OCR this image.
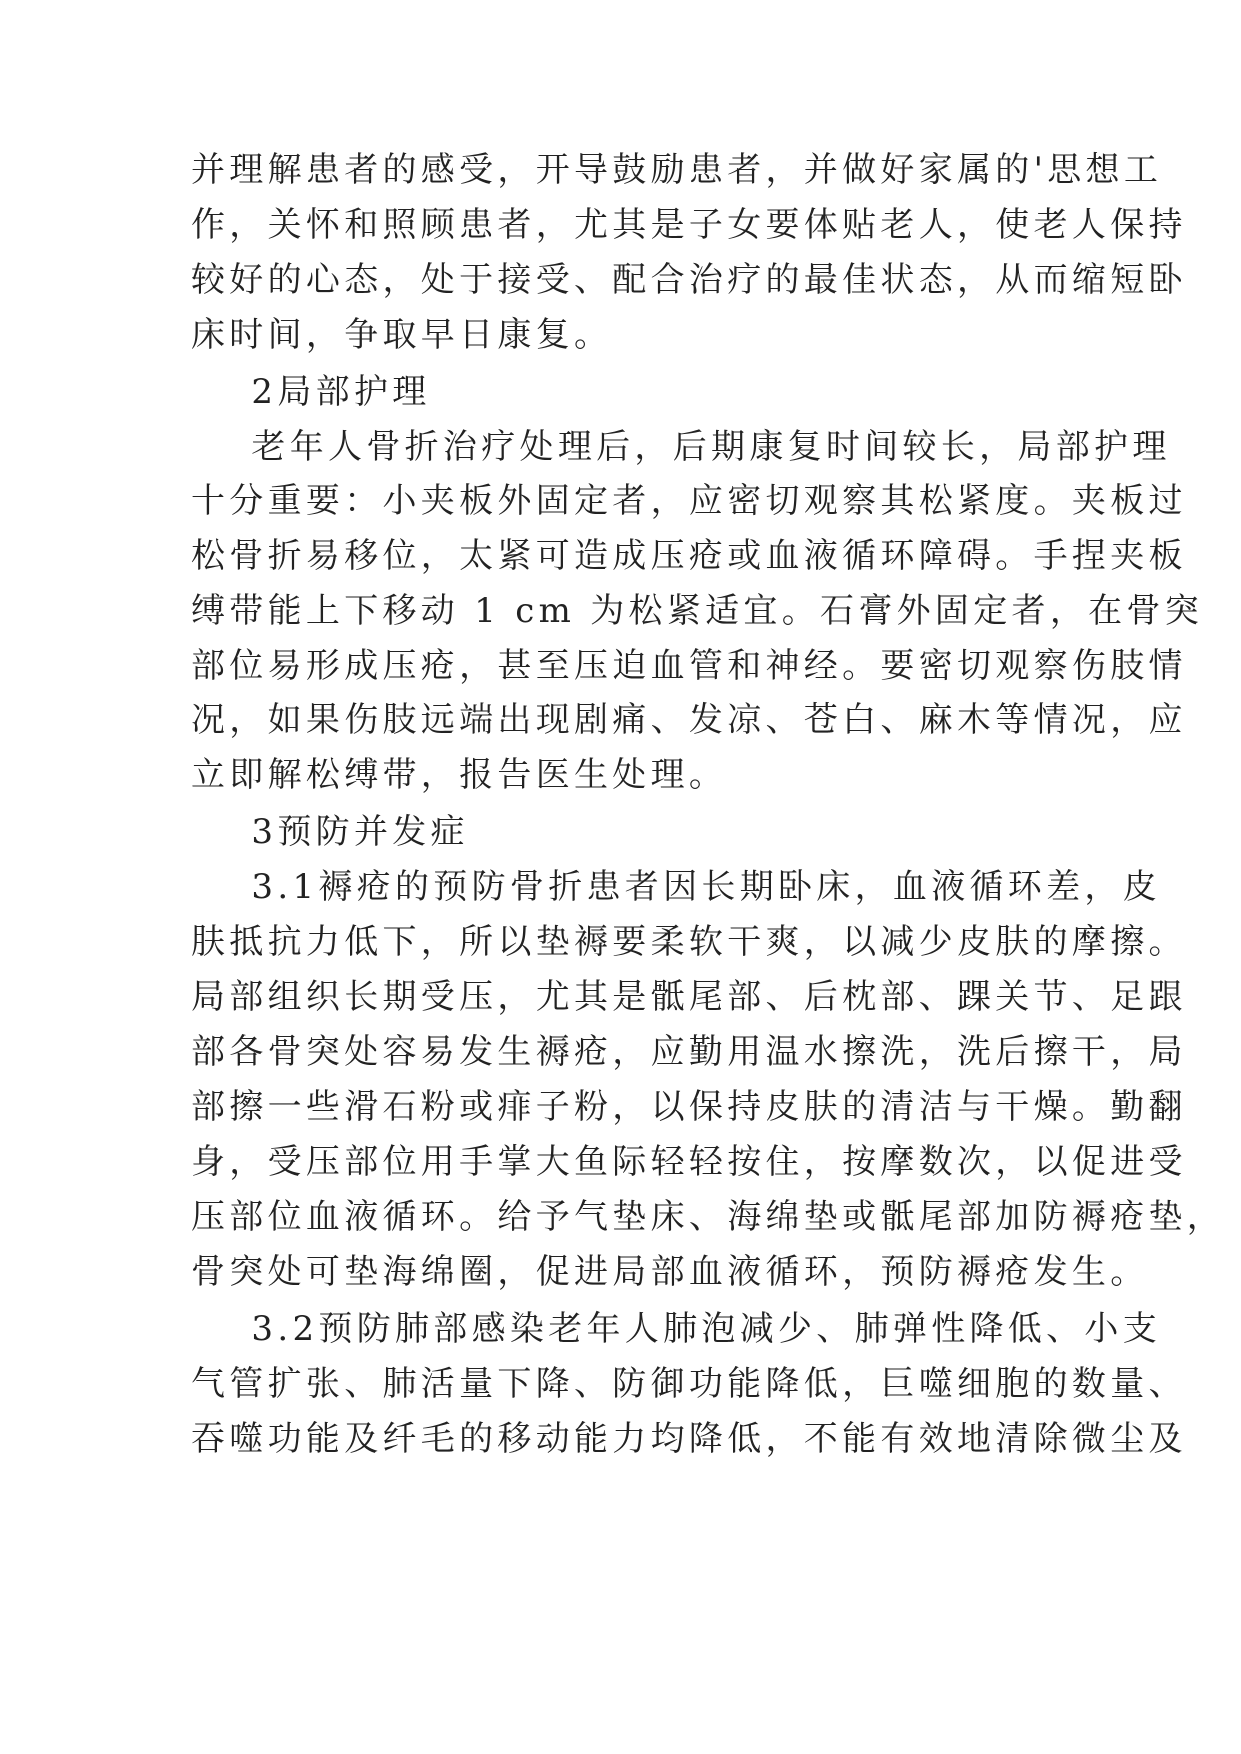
并理解患者的感受，开导鼓励患者，并做好家属的'思想工
作，关怀和照顾患者，尤其是子女要体贴老人，使老人保持
较好的心态，处于接受、配合治疗的最佳状态，从而缩短卧
床时间，争取早日康复。
2局部护理
老年人骨折治疗处理后，后期康复时间较长，局部护理
十分重要：小夹板外固定者，应密切观察其松紧度。夹板过
松骨折易移位，太紧可造成压疮或血液循环障碍。手捏夹板
缚带能上下移动 1 cm 为松紧适宜。石膏外固定者，在骨突
部位易形成压疮，甚至压迫血管和神经。要密切观察伤肢情
况，如果伤肢远端出现剧痛、发凉、苍白、麻木等情况，应
立即解松缚带，报告医生处理。
3预防并发症
3.1褥疮的预防骨折患者因长期卧床，血液循环差，皮
肤抵抗力低下，所以垫褥要柔软干爽，以减少皮肤的摩擦。
局部组织长期受压，尤其是骶尾部、后枕部、踝关节、足跟
部各骨突处容易发生褥疮，应勤用温水擦洗，洗后擦干，局
部擦一些滑石粉或痱子粉，以保持皮肤的清洁与干燥。勤翻
身，受压部位用手掌大鱼际轻轻按住，按摩数次，以促进受
压部位血液循环。给予气垫床、海绵垫或骶尾部加防褥疮垫，
骨突处可垫海绵圈，促进局部血液循环，预防褥疮发生。
3.2预防肺部感染老年人肺泡减少、肺弹性降低、小支
气管扩张、肺活量下降、防御功能降低，巨噬细胞的数量、
吞噬功能及纤毛的移动能力均降低，不能有效地清除微尘及
